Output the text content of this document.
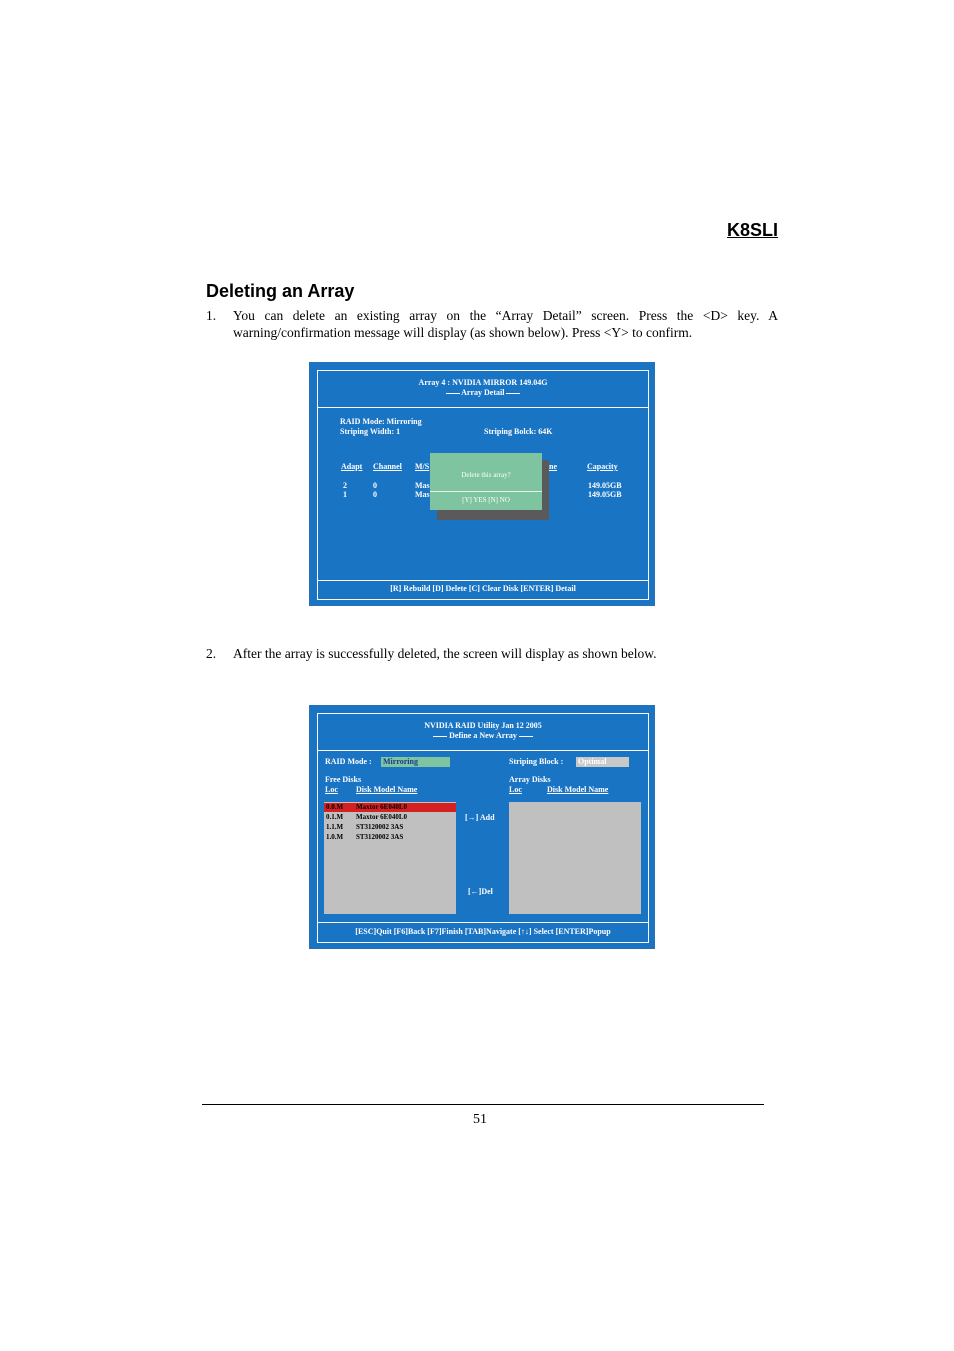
K8SLI
Deleting an Array
1. You can delete an existing array on the “Array Detail” screen. Press the <D> key. A warning/confirmation message will display (as shown below). Press <Y> to confirm.
Array 4 : NVIDIA MIRROR 149.04G
Array Detail
RAID Mode: Mirroring
Striping Width: 1	Striping Bolck: 64K
Adapt Channel M/S	ne	Capacity
2	0	Mas	149.05GB
1	0	Mas	149.05GB
Delete this array?
[Y] YES [N] NO
[R] Rebuild [D] Delete [C] Clear Disk [ENTER] Detail
2. After the array is successfully deleted, the screen will display as shown below.
NVIDIA RAID Utility Jan 12 2005
Define a New Array
RAID Mode : Mirroring	Striping Block : Optimal
Free Disks
Loc Disk Model Name
Array Disks
Loc	Disk Model Name
0.0.M Maxtor 6E040L0
0.1.M Maxtor 6E040L0
1.1.M ST3120002 3AS
1.0.M ST3120002 3AS
[→] Add
[←]Del
[ESC]Quit [F6]Back [F7]Finish [TAB]Navigate [↑↓] Select [ENTER]Popup
51
